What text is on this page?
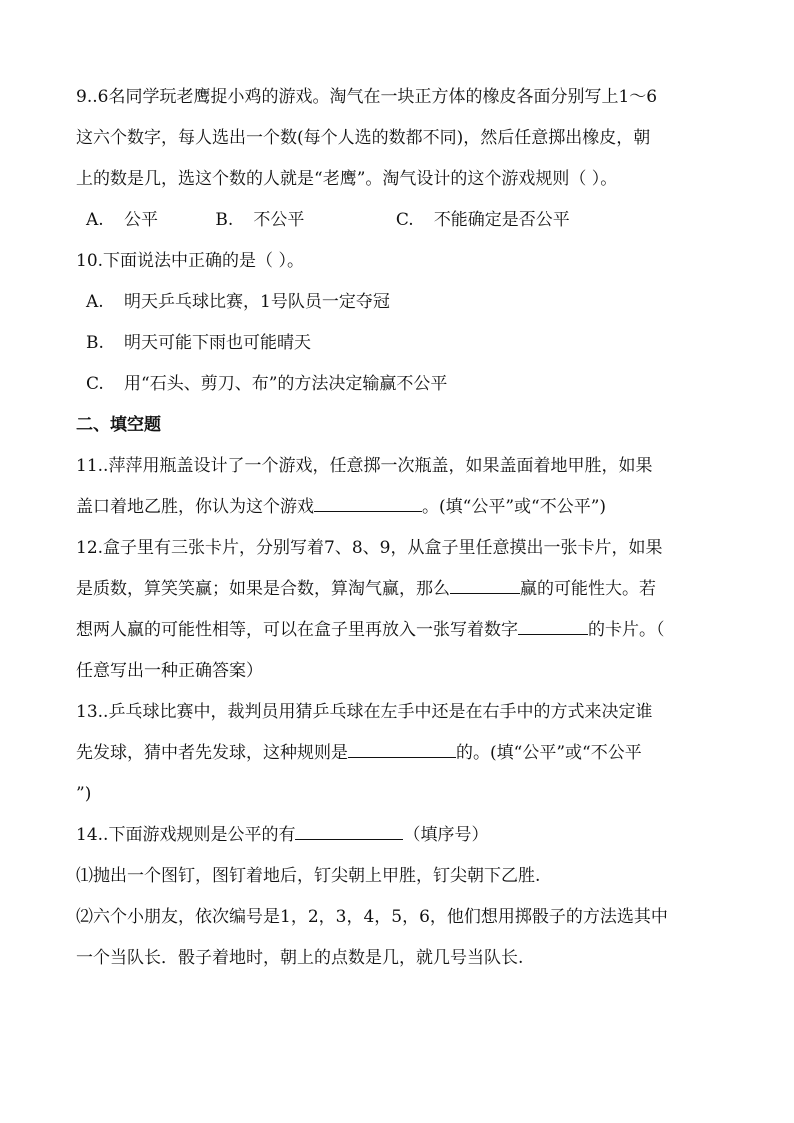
9..6名同学玩老鹰捉小鸡的游戏。淘气在一块正方体的橡皮各面分别写上1～6
这六个数字，每人选出一个数(每个人选的数都不同)，然后任意掷出橡皮，朝
上的数是几，选这个数的人就是“老鹰”。淘气设计的这个游戏规则（ ）。
A. 公平	B. 不公平	C. 不能确定是否公平
10.下面说法中正确的是（ ）。
A. 明天乒乓球比赛，1号队员一定夺冠
B. 明天可能下雨也可能晴天
C. 用“石头、剪刀、布”的方法决定输赢不公平
二、填空题
11..萍萍用瓶盖设计了一个游戏，任意掷一次瓶盖，如果盖面着地甲胜，如果
盖口着地乙胜，你认为这个游戏	。(填“公平”或“不公平”)
12.盒子里有三张卡片，分别写着7、8、9，从盒子里任意摸出一张卡片，如果
是质数，算笑笑赢；如果是合数，算淘气赢，那么	赢的可能性大。若
想两人赢的可能性相等，可以在盒子里再放入一张写着数字	的卡片。（
任意写出一种正确答案）
13..乒乓球比赛中，裁判员用猜乒乓球在左手中还是在右手中的方式来决定谁
先发球，猜中者先发球，这种规则是	的。(填“公平”或“不公平
”)
14..下面游戏规则是公平的有	（填序号）
⑴抛出一个图钉，图钉着地后，钉尖朝上甲胜，钉尖朝下乙胜.
⑵六个小朋友，依次编号是1，2，3，4，5，6，他们想用掷骰子的方法选其中
一个当队长．骰子着地时，朝上的点数是几，就几号当队长.
